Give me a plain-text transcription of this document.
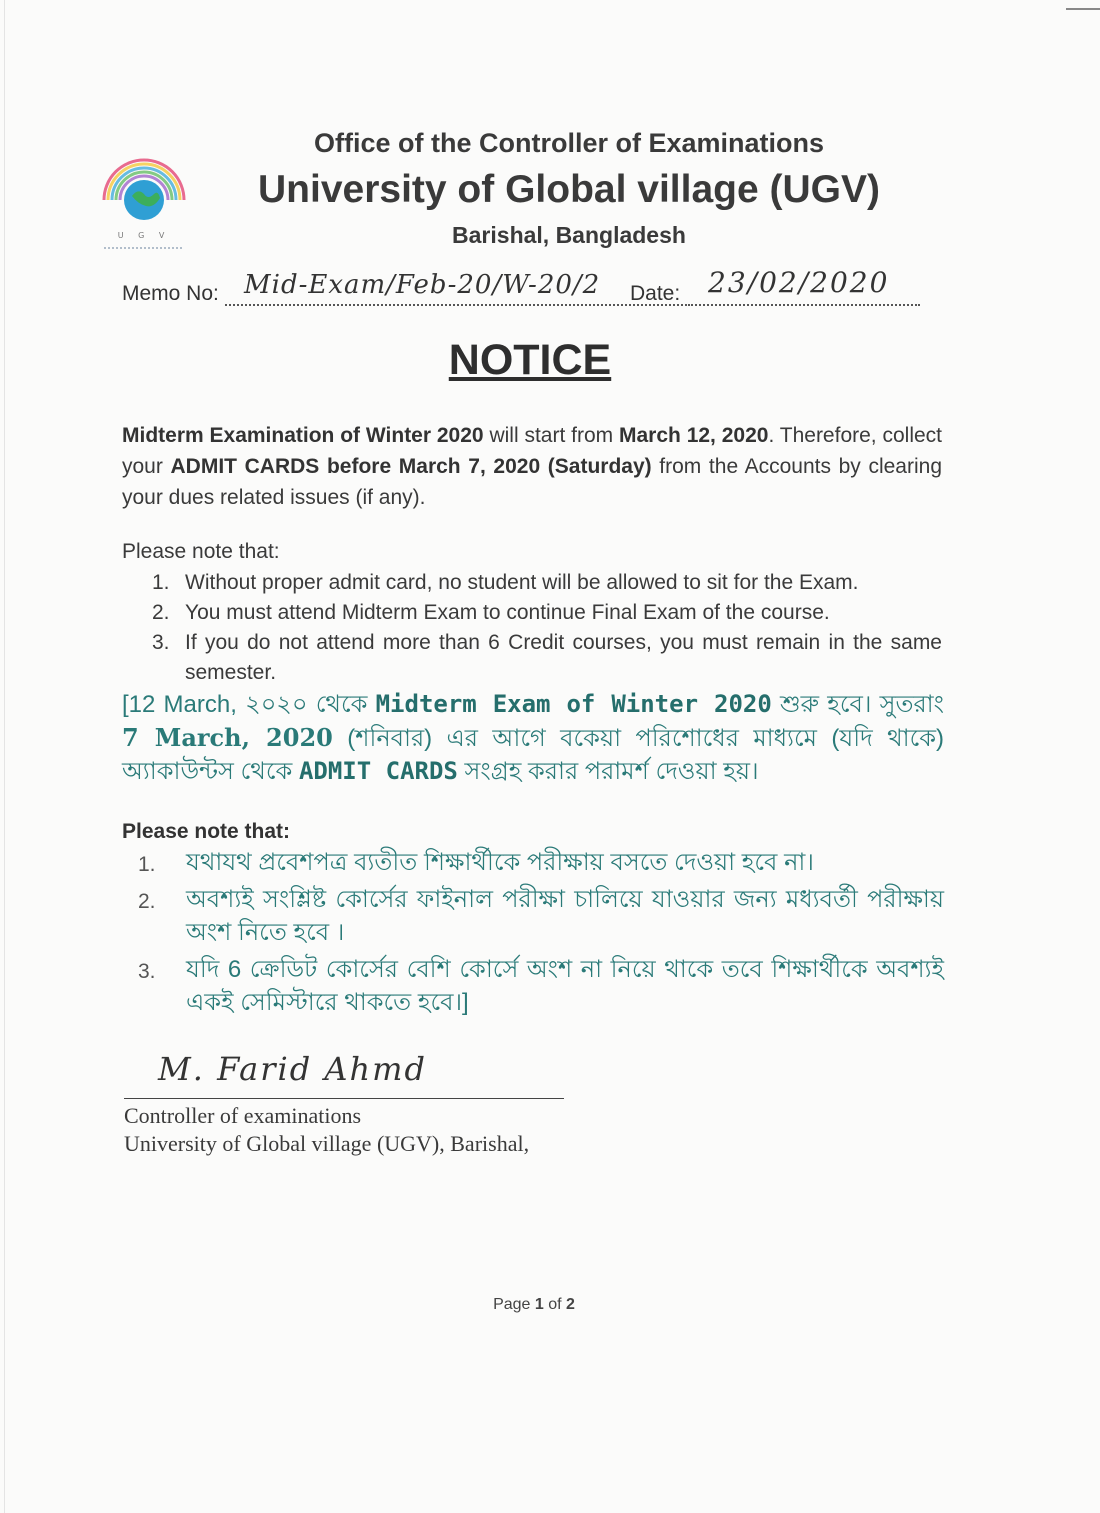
U G V
Office of the Controller of Examinations
University of Global village (UGV)
Barishal, Bangladesh
Memo No: Mid-Exam/Feb-20/W-20/2 Date: 23/02/2020
NOTICE
Midterm Examination of Winter 2020 will start from March 12, 2020. Therefore, collect your ADMIT CARDS before March 7, 2020 (Saturday) from the Accounts by clearing your dues related issues (if any).
Please note that:
1. Without proper admit card, no student will be allowed to sit for the Exam.
2. You must attend Midterm Exam to continue Final Exam of the course.
3. If you do not attend more than 6 Credit courses, you must remain in the same semester.
[12 March, ২০২০ থেকে Midterm Exam of Winter 2020 শুরু হবে। সুতরাং 7 March, 2020 (শনিবার) এর আগে বকেয়া পরিশোধের মাধ্যমে (যদি থাকে) অ্যাকাউন্টস থেকে ADMIT CARDS সংগ্রহ করার পরামর্শ দেওয়া হয়।
Please note that:
1. যথাযথ প্রবেশপত্র ব্যতীত শিক্ষার্থীকে পরীক্ষায় বসতে দেওয়া হবে না।
2. অবশ্যই সংশ্লিষ্ট কোর্সের ফাইনাল পরীক্ষা চালিয়ে যাওয়ার জন্য মধ্যবর্তী পরীক্ষায় অংশ নিতে হবে ।
3. যদি 6 ক্রেডিট কোর্সের বেশি কোর্সে অংশ না নিয়ে থাকে তবে শিক্ষার্থীকে অবশ্যই একই সেমিস্টারে থাকতে হবে।]
M. Farid Ahmd
Controller of examinations
University of Global village (UGV), Barishal,
Page 1 of 2
